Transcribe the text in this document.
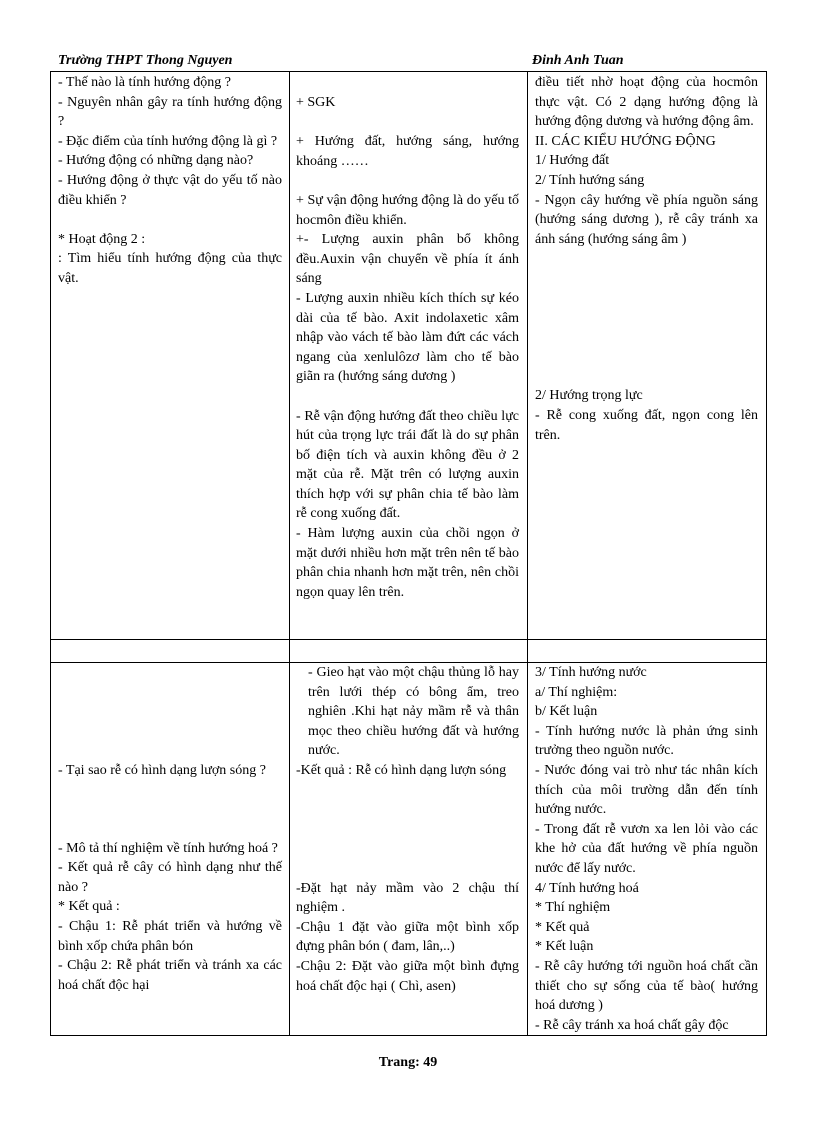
Trường THPT Thong Nguyen	Đinh Anh Tuan

- Thế nào là tính hướng động ?

- Nguyên nhân gây ra tính hướng động ?

- Đặc điểm của tính hướng động là gì ?

- Hướng động có những dạng nào?

- Hướng động ở thực vật do yếu tố nào điều khiển ?

* Hoạt động 2 :

: Tìm hiểu tính hướng động của thực vật.

+ SGK

+ Hướng đất, hướng sáng, hướng khoáng ……

+ Sự vận động hướng động là do yếu tố hocmôn điều khiển.

+- Lượng auxin phân bổ không đều.Auxin vận chuyển về phía ít ánh sáng

- Lượng auxin nhiều kích thích sự kéo dài của tế bào. Axit indolaxetic xâm nhập vào vách tế bào làm đứt các vách ngang của xenlulôzơ làm cho tế bào giãn ra (hướng sáng dương )

- Rễ vận động hướng đất theo chiều lực hút của trọng lực trái đất là do sự phân bố điện tích và auxin không đều ở 2 mặt của rễ. Mặt trên có lượng auxin thích hợp với sự phân chia tế bào làm rễ cong xuống đất.

- Hàm lượng auxin của chồi ngọn ở mặt dưới nhiều hơn mặt trên nên tế bào phân chia nhanh hơn mặt trên, nên chồi ngọn quay lên trên.

điều tiết nhờ hoạt động của hocmôn thực vật. Có 2 dạng hướng động là hướng động dương và hướng động âm.

II. CÁC KIỂU HƯỚNG ĐỘNG

1/ Hướng đất

2/ Tính hướng sáng

- Ngọn cây hướng về phía nguồn sáng (hướng sáng dương ), rễ cây tránh xa ánh sáng (hướng sáng âm )

2/ Hướng trọng lực

- Rễ cong xuống đất, ngọn cong lên trên.

- Tại sao rễ có hình dạng lượn sóng ?

- Mô tả thí nghiệm về tính hướng hoá ?

- Kết quả rễ cây có hình dạng như thế nào ?

* Kết quả :

- Chậu 1: Rễ phát triển và hướng về bình xốp chứa phân bón

- Chậu 2: Rễ phát triển và tránh xa các hoá chất độc hại

- Gieo hạt vào một chậu thủng lỗ hay trên lưới thép có bông ẩm, treo nghiên .Khi hạt nảy mầm rễ và thân mọc theo chiều hướng đất và hướng nước.

-Kết quả : Rễ có hình dạng lượn sóng

-Đặt hạt nảy mầm vào 2 chậu thí nghiệm .

-Chậu 1 đặt vào giữa một bình xốp đựng phân bón ( đam, lân,..)

-Chậu 2: Đặt vào giữa một bình đựng hoá chất độc hại ( Chì, asen)

3/ Tính hướng nước

a/ Thí nghiệm:

b/ Kết luận

- Tính hướng nước là phản ứng sinh trưởng theo nguồn nước.

- Nước đóng vai trò như tác nhân kích thích của môi trường dẫn đến tính hướng nước.

- Trong đất rễ vươn xa len lỏi vào các khe hở của đất hướng về phía nguồn nước để lấy nước.

4/ Tính hướng hoá

* Thí nghiệm

* Kết quả

* Kết luận

- Rễ cây hướng tới nguồn hoá chất cần thiết cho sự sống của tế bào( hướng hoá dương )

- Rễ cây tránh xa hoá chất gây độc

Trang: 49
